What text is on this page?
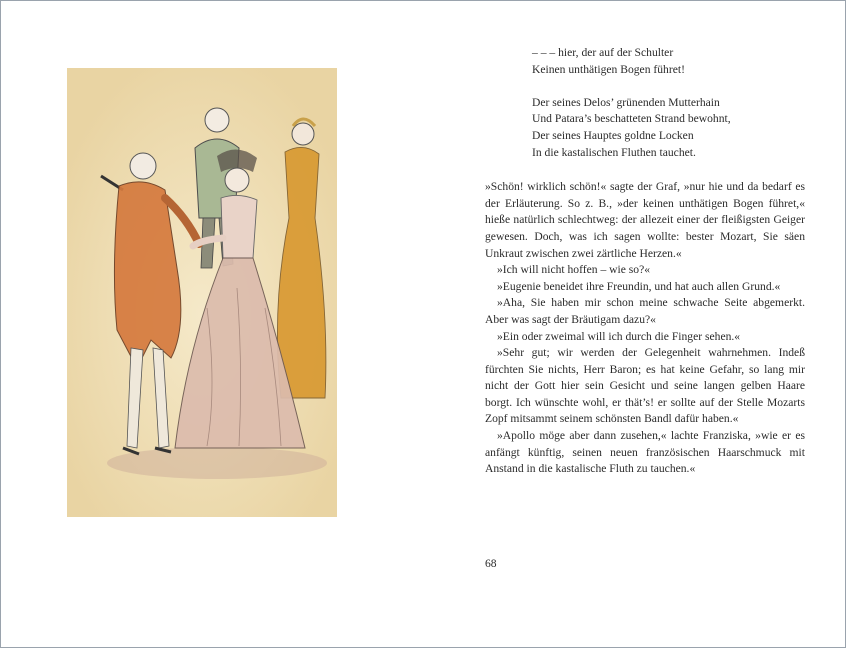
– – – hier, der auf der Schulter
Keinen unthätigen Bogen führet!
Der seines Delos’ grünenden Mutterhain
Und Patara’s beschatteten Strand bewohnt,
Der seines Hauptes goldne Locken
In die kastalischen Fluthen tauchet.

»Schön! wirklich schön!« sagte der Graf, »nur hie und da bedarf es der Erläuterung. So z. B., »der keinen unthätigen Bogen führet,« hieße natürlich schlechtweg: der allezeit einer der fleißigsten Geiger gewesen. Doch, was ich sagen wollte: bester Mozart, Sie säen Unkraut zwischen zwei zärtliche Herzen.«

»Ich will nicht hoffen – wie so?«

»Eugenie beneidet ihre Freundin, und hat auch allen Grund.«

»Aha, Sie haben mir schon meine schwache Seite abgemerkt. Aber was sagt der Bräutigam dazu?«

»Ein oder zweimal will ich durch die Finger sehen.«

»Sehr gut; wir werden der Gelegenheit wahrnehmen. Indeß fürchten Sie nichts, Herr Baron; es hat keine Gefahr, so lang mir nicht der Gott hier sein Gesicht und seine langen gelben Haare borgt. Ich wünschte wohl, er thät’s! er sollte auf der Stelle Mozarts Zopf mitsammt seinem schönsten Bandl dafür haben.«

»Apollo möge aber dann zusehen,« lachte Franziska, »wie er es anfängt künftig, seinen neuen französischen Haarschmuck mit Anstand in die kastalische Fluth zu tauchen.«

68
